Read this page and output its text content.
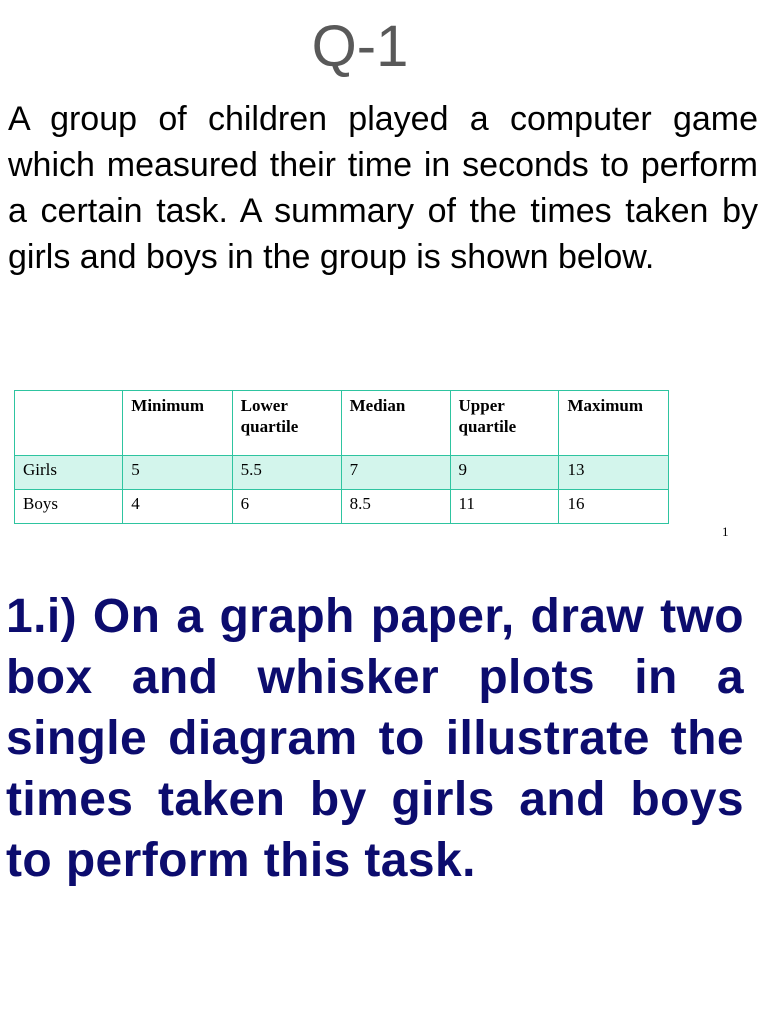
Q-1
A group of children played a computer game which measured their time in seconds to perform a certain task. A summary of the times taken by girls and boys in the group is shown below.
	Minimum	Lower quartile	Median	Upper quartile	Maximum
Girls	5	5.5	7	9	13
Boys	4	6	8.5	11	16
1
1.i) On a graph paper, draw two box and whisker plots in a single diagram to illustrate the times taken by girls and boys to perform this task.
